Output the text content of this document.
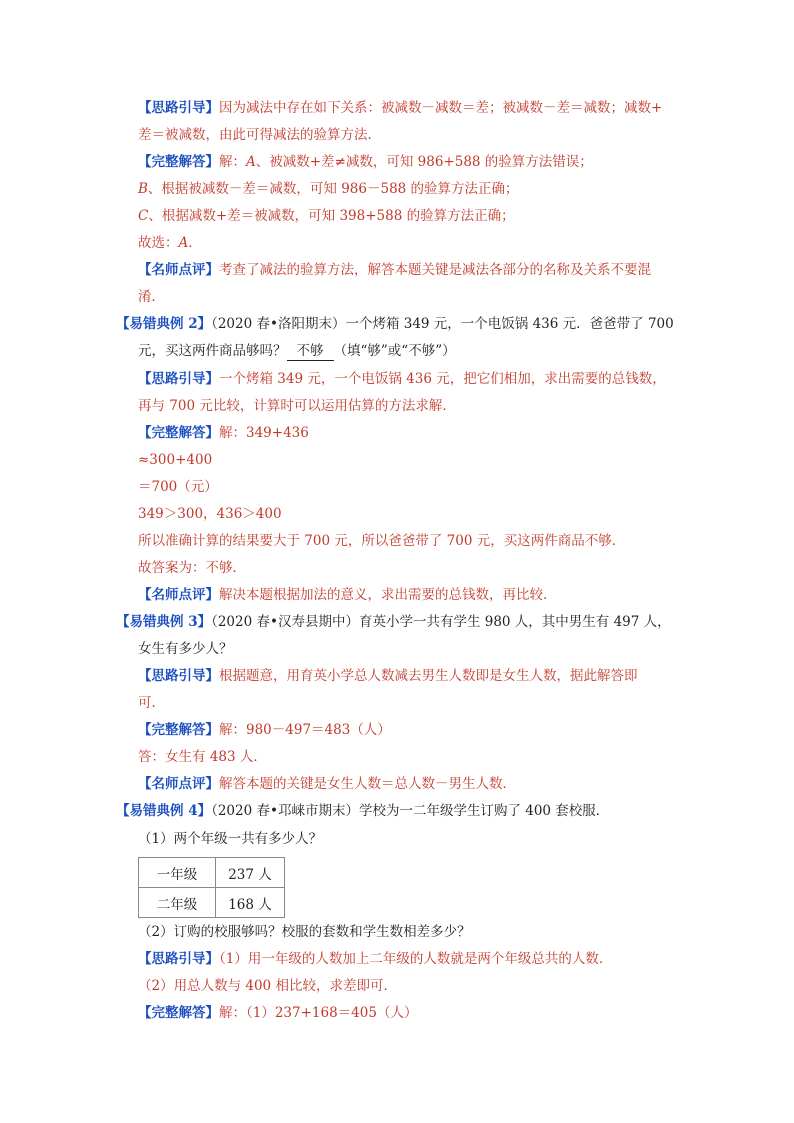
【思路引导】因为减法中存在如下关系：被减数－减数＝差；被减数－差＝减数；减数+
差＝被减数，由此可得减法的验算方法．
【完整解答】解：A、被减数+差≠减数，可知 986+588 的验算方法错误；
B、根据被减数－差＝减数，可知 986－588 的验算方法正确；
C、根据减数+差＝被减数，可知 398+588 的验算方法正确；
故选：A．
【名师点评】考查了减法的验算方法，解答本题关键是减法各部分的名称及关系不要混
淆．
【易错典例 2】（2020 春•洛阳期末）一个烤箱 349 元，一个电饭锅 436 元．爸爸带了 700
元，买这两件商品够吗？ 不够 （填“够”或“不够”）
【思路引导】一个烤箱 349 元，一个电饭锅 436 元，把它们相加，求出需要的总钱数，
再与 700 元比较，计算时可以运用估算的方法求解．
【完整解答】解：349+436
≈300+400
＝700（元）
349＞300，436＞400
所以准确计算的结果要大于 700 元，所以爸爸带了 700 元，买这两件商品不够．
故答案为：不够．
【名师点评】解决本题根据加法的意义，求出需要的总钱数，再比较．
【易错典例 3】（2020 春•汉寿县期中）育英小学一共有学生 980 人，其中男生有 497 人，
女生有多少人？
【思路引导】根据题意，用育英小学总人数减去男生人数即是女生人数，据此解答即
可．
【完整解答】解：980－497＝483（人）
答：女生有 483 人．
【名师点评】解答本题的关键是女生人数＝总人数－男生人数．
【易错典例 4】（2020 春•邛崃市期末）学校为一二年级学生订购了 400 套校服．
（1）两个年级一共有多少人？
一年级	237 人
二年级	168 人
（2）订购的校服够吗？校服的套数和学生数相差多少？
【思路引导】（1）用一年级的人数加上二年级的人数就是两个年级总共的人数．
（2）用总人数与 400 相比较，求差即可．
【完整解答】解：（1）237+168＝405（人）
